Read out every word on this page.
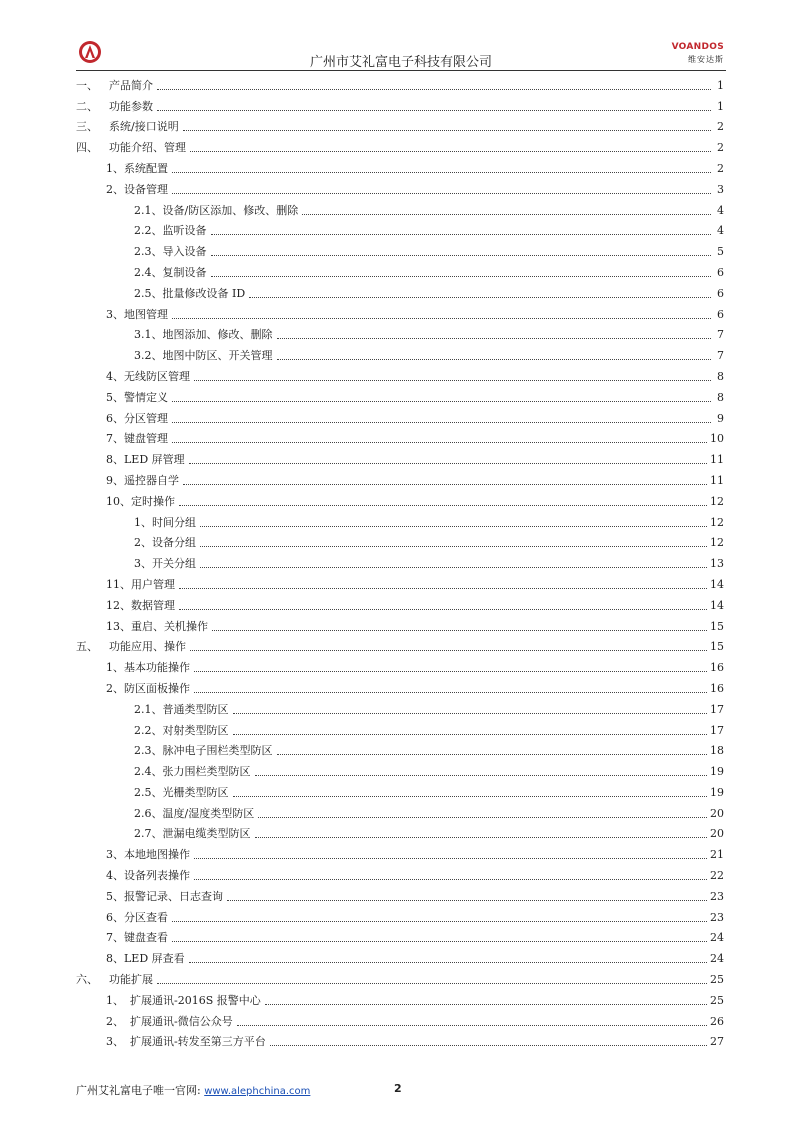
广州市艾礼富电子科技有限公司
VOANDOS
维安达斯
一、	产品简介	1
二、	功能参数	1
三、	系统/接口说明	2
四、	功能介绍、管理	2
1、系统配置	2
2、设备管理	3
2.1、设备/防区添加、修改、删除	4
2.2、监听设备	4
2.3、导入设备	5
2.4、复制设备	6
2.5、批量修改设备 ID	6
3、地图管理	6
3.1、地图添加、修改、删除	7
3.2、地图中防区、开关管理	7
4、无线防区管理	8
5、警情定义	8
6、分区管理	9
7、键盘管理	10
8、LED 屏管理	11
9、遥控器自学	11
10、定时操作	12
1、时间分组	12
2、设备分组	12
3、开关分组	13
11、用户管理	14
12、数据管理	14
13、重启、关机操作	15
五、	功能应用、操作	15
1、基本功能操作	16
2、防区面板操作	16
2.1、普通类型防区	17
2.2、对射类型防区	17
2.3、脉冲电子围栏类型防区	18
2.4、张力围栏类型防区	19
2.5、光栅类型防区	19
2.6、温度/湿度类型防区	20
2.7、泄漏电缆类型防区	20
3、本地地图操作	21
4、设备列表操作	22
5、报警记录、日志查询	23
6、分区查看	23
7、键盘查看	24
8、LED 屏查看	24
六、	功能扩展	25
1、 扩展通讯-2016S 报警中心	25
2、 扩展通讯-微信公众号	26
3、 扩展通讯-转发至第三方平台	27
广州艾礼富电子唯一官网: www.alephchina.com	2
